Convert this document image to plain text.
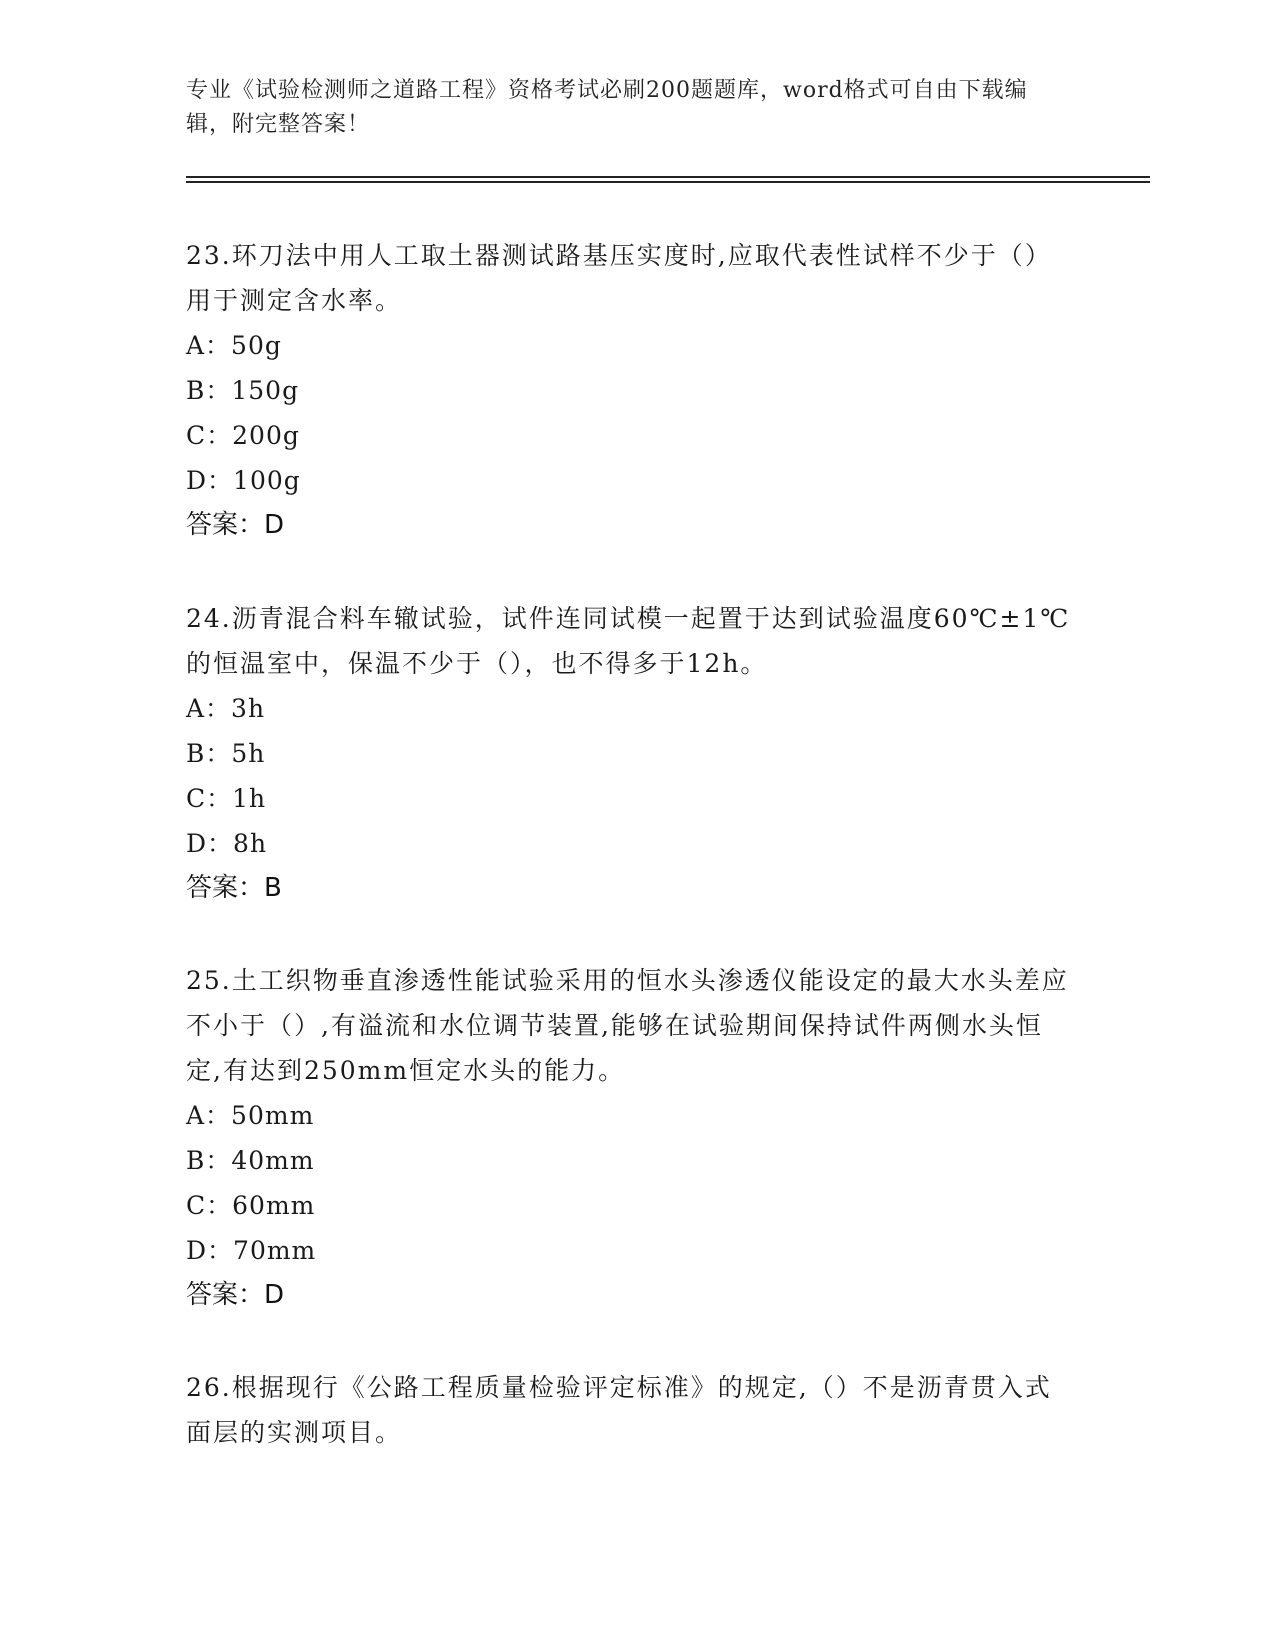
专业《试验检测师之道路工程》资格考试必刷200题题库，word格式可自由下载编辑，附完整答案！

23.环刀法中用人工取土器测试路基压实度时,应取代表性试样不少于（）用于测定含水率。

A：50g

B：150g

C：200g

D：100g

答案：D

24.沥青混合料车辙试验，试件连同试模一起置于达到试验温度60℃±1℃的恒温室中，保温不少于（），也不得多于12h。

A：3h

B：5h

C：1h

D：8h

答案：B

25.土工织物垂直渗透性能试验采用的恒水头渗透仪能设定的最大水头差应不小于（）,有溢流和水位调节装置,能够在试验期间保持试件两侧水头恒定,有达到250mm恒定水头的能力。

A：50mm

B：40mm

C：60mm

D：70mm

答案：D

26.根据现行《公路工程质量检验评定标准》的规定,（）不是沥青贯入式面层的实测项目。
